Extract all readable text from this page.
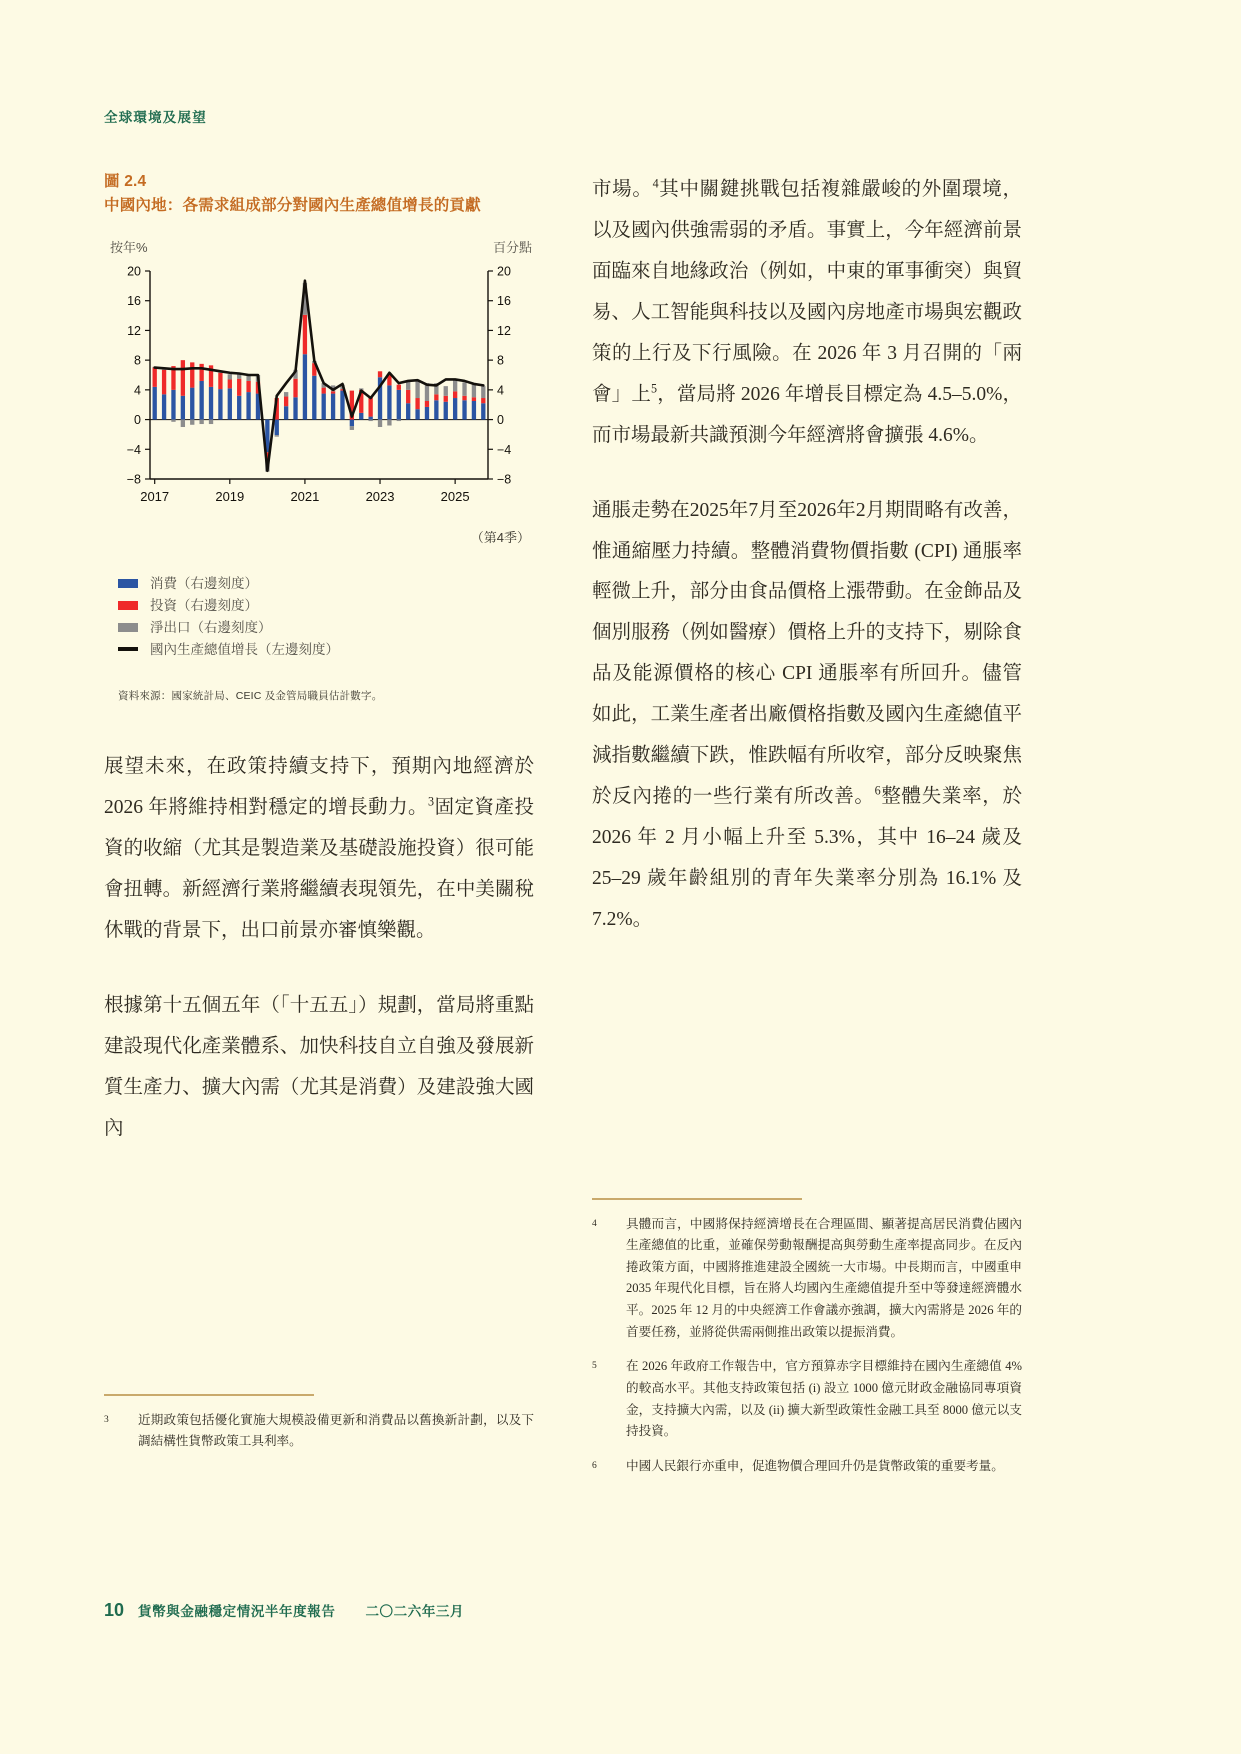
全球環境及展望
圖 2.4
中國內地：各需求組成部分對國內生產總值增長的貢獻
按年%	百分點
−8	−8
−4	−4
0	0
4	4
8	8
12	12
16	16
20	20
2017	2019	2021	2023	2025
（第4季）
消費（右邊刻度）
投資（右邊刻度）
淨出口（右邊刻度）
國內生產總值增長（左邊刻度）
資料來源：國家統計局、CEIC 及金管局職員估計數字。

展望未來，在政策持續支持下，預期內地經濟於 2026 年將維持相對穩定的增長動力。$^3$固定資產投資的收縮（尤其是製造業及基礎設施投資）很可能會扭轉。新經濟行業將繼續表現領先，在中美關稅休戰的背景下，出口前景亦審慎樂觀。

根據第十五個五年（「十五五」）規劃，當局將重點建設現代化產業體系、加快科技自立自強及發展新質生產力、擴大內需（尤其是消費）及建設強大國內

市場。$^4$其中關鍵挑戰包括複雜嚴峻的外圍環境，以及國內供強需弱的矛盾。事實上，今年經濟前景面臨來自地緣政治（例如，中東的軍事衝突）與貿易、人工智能與科技以及國內房地產市場與宏觀政策的上行及下行風險。在 2026 年 3 月召開的「兩會」上$^5$，當局將 2026 年增長目標定為 4.5–5.0%，而市場最新共識預測今年經濟將會擴張 4.6%。

通脹走勢在2025年7月至2026年2月期間略有改善，惟通縮壓力持續。整體消費物價指數 (CPI) 通脹率輕微上升，部分由食品價格上漲帶動。在金飾品及個別服務（例如醫療）價格上升的支持下，剔除食品及能源價格的核心 CPI 通脹率有所回升。儘管如此，工業生產者出廠價格指數及國內生產總值平減指數繼續下跌，惟跌幅有所收窄，部分反映聚焦於反內捲的一些行業有所改善。$^6$整體失業率，於 2026 年 2 月小幅上升至 5.3%，其中 16–24 歲及 25–29 歲年齡組別的青年失業率分別為 16.1% 及 7.2%。

3	近期政策包括優化實施大規模設備更新和消費品以舊換新計劃，以及下調結構性貨幣政策工具利率。
4	具體而言，中國將保持經濟增長在合理區間、顯著提高居民消費佔國內生產總值的比重，並確保勞動報酬提高與勞動生產率提高同步。在反內捲政策方面，中國將推進建設全國統一大市場。中長期而言，中國重申 2035 年現代化目標，旨在將人均國內生產總值提升至中等發達經濟體水平。2025 年 12 月的中央經濟工作會議亦強調，擴大內需將是 2026 年的首要任務，並將從供需兩側推出政策以提振消費。
5	在 2026 年政府工作報告中，官方預算赤字目標維持在國內生產總值 4% 的較高水平。其他支持政策包括 (i) 設立 1000 億元財政金融協同專項資金，支持擴大內需，以及 (ii) 擴大新型政策性金融工具至 8000 億元以支持投資。
6	中國人民銀行亦重申，促進物價合理回升仍是貨幣政策的重要考量。
10 貨幣與金融穩定情況半年度報告 二〇二六年三月
